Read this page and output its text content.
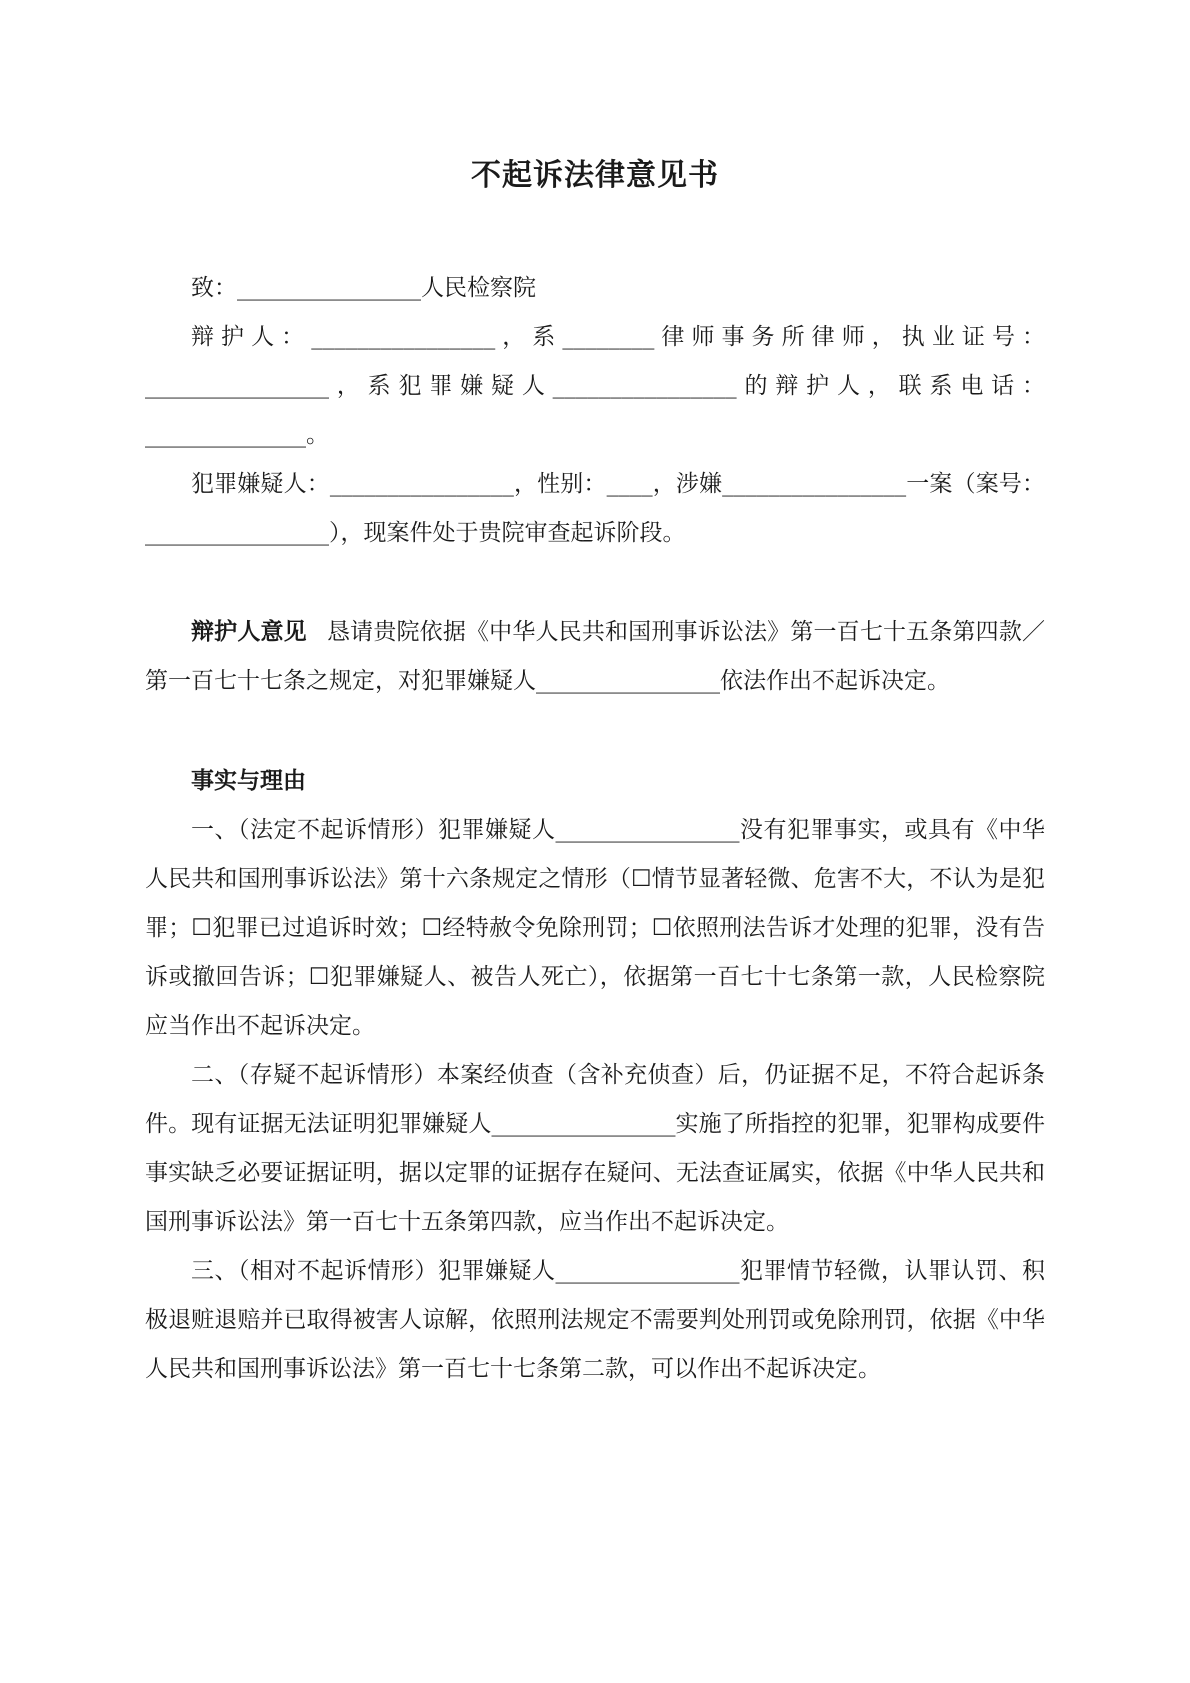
不起诉法律意见书

致：________________人民检察院

辩护人：________________，系________律师事务所律师，执业证号：________________，系犯罪嫌疑人________________的辩护人，联系电话：______________。

犯罪嫌疑人：________________，性别：____，涉嫌________________一案（案号：________________），现案件处于贵院审查起诉阶段。

辩护人意见 恳请贵院依据《中华人民共和国刑事诉讼法》第一百七十五条第四款／第一百七十七条之规定，对犯罪嫌疑人________________依法作出不起诉决定。

事实与理由

一、（法定不起诉情形）犯罪嫌疑人________________没有犯罪事实，或具有《中华人民共和国刑事诉讼法》第十六条规定之情形（☐情节显著轻微、危害不大，不认为是犯罪；☐犯罪已过追诉时效；☐经特赦令免除刑罚；☐依照刑法告诉才处理的犯罪，没有告诉或撤回告诉；☐犯罪嫌疑人、被告人死亡），依据第一百七十七条第一款，人民检察院应当作出不起诉决定。

二、（存疑不起诉情形）本案经侦查（含补充侦查）后，仍证据不足，不符合起诉条件。现有证据无法证明犯罪嫌疑人________________实施了所指控的犯罪，犯罪构成要件事实缺乏必要证据证明，据以定罪的证据存在疑问、无法查证属实，依据《中华人民共和国刑事诉讼法》第一百七十五条第四款，应当作出不起诉决定。

三、（相对不起诉情形）犯罪嫌疑人________________犯罪情节轻微，认罪认罚、积极退赃退赔并已取得被害人谅解，依照刑法规定不需要判处刑罚或免除刑罚，依据《中华人民共和国刑事诉讼法》第一百七十七条第二款，可以作出不起诉决定。
